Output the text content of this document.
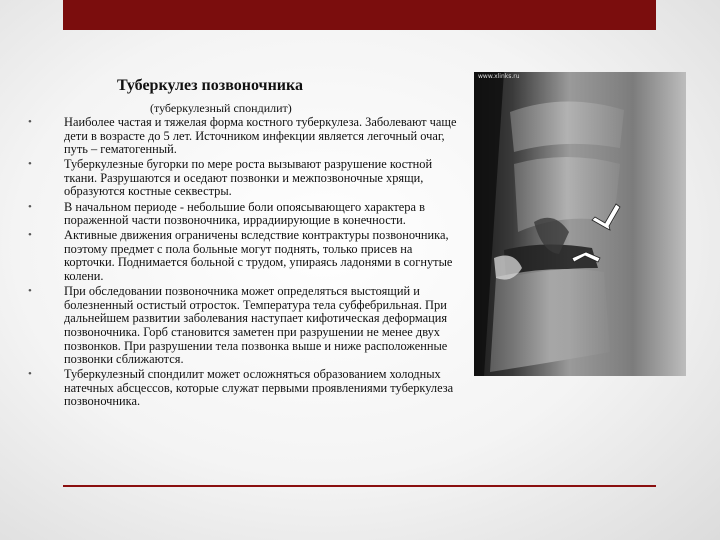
Туберкулез позвоночника
(туберкулезный спондилит)
• Наиболее частая и тяжелая форма костного туберкулеза. Заболевают чаще дети в возрасте до 5 лет. Источником инфекции является легочный очаг, путь – гематогенный.
• Туберкулезные бугорки по мере роста вызывают разрушение костной ткани. Разрушаются и оседают позвонки и межпозвоночные хрящи, образуются костные секвестры.
• В начальном периоде - небольшие боли опоясывающего характера в пораженной части позвоночника, иррадиирующие в конечности.
• Активные движения ограничены вследствие контрактуры позвоночника, поэтому предмет с пола больные могут поднять, только присев на корточки. Поднимается больной с трудом, упираясь ладонями в согнутые колени.
• При обследовании позвоночника может определяться выстоящий и болезненный остистый отросток. Температура тела субфебрильная. При дальнейшем развитии заболевания наступает кифотическая деформация позвоночника. Горб становится заметен при разрушении не менее двух позвонков. При разрушении тела позвонка выше и ниже расположенные позвонки сближаются.
• Туберкулезный спондилит может осложняться образованием холодных натечных абсцессов, которые служат первыми проявлениями туберкулеза позвоночника.
www.xlinks.ru
